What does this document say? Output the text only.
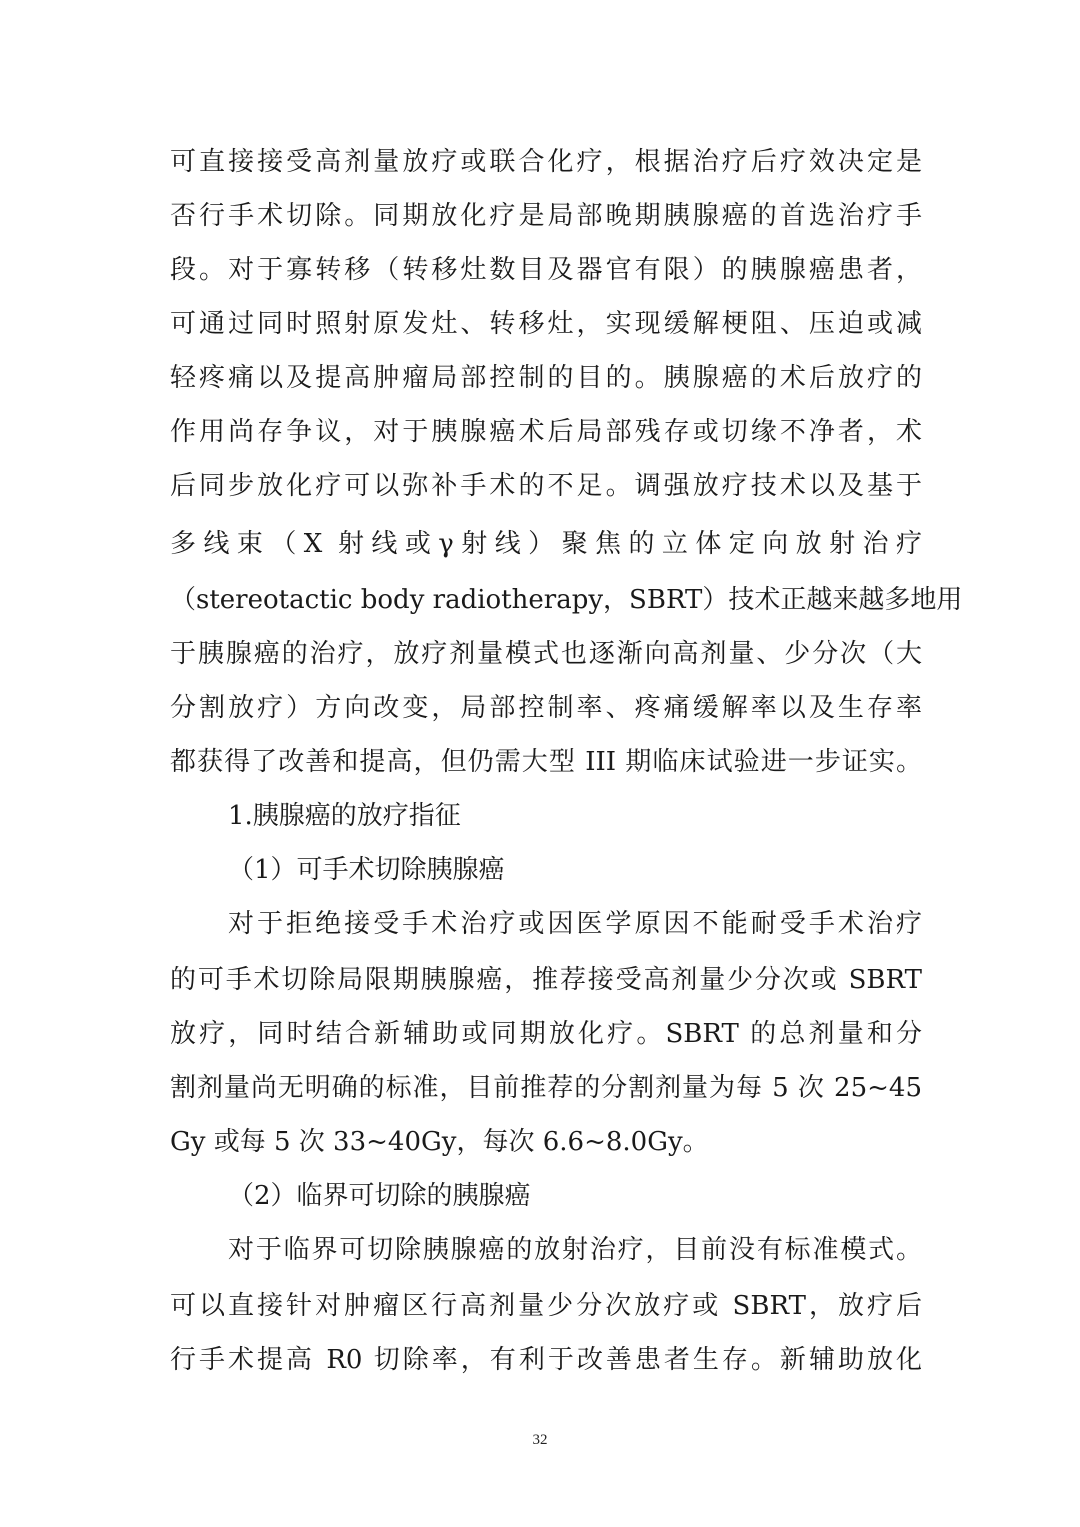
可直接接受高剂量放疗或联合化疗，根据治疗后疗效决定是
否行手术切除。同期放化疗是局部晚期胰腺癌的首选治疗手
段。对于寡转移（转移灶数目及器官有限）的胰腺癌患者，
可通过同时照射原发灶、转移灶，实现缓解梗阻、压迫或减
轻疼痛以及提高肿瘤局部控制的目的。胰腺癌的术后放疗的
作用尚存争议，对于胰腺癌术后局部残存或切缘不净者，术
后同步放化疗可以弥补手术的不足。调强放疗技术以及基于
多线束（X 射线或γ射线）聚焦的立体定向放射治疗
（stereotactic body radiotherapy，SBRT）技术正越来越多地用
于胰腺癌的治疗，放疗剂量模式也逐渐向高剂量、少分次（大
分割放疗）方向改变，局部控制率、疼痛缓解率以及生存率
都获得了改善和提高，但仍需大型 III 期临床试验进一步证实。
1.胰腺癌的放疗指征
（1）可手术切除胰腺癌
对于拒绝接受手术治疗或因医学原因不能耐受手术治疗
的可手术切除局限期胰腺癌，推荐接受高剂量少分次或 SBRT
放疗，同时结合新辅助或同期放化疗。SBRT 的总剂量和分
割剂量尚无明确的标准，目前推荐的分割剂量为每 5 次 25~45
Gy 或每 5 次 33~40Gy，每次 6.6~8.0Gy。
（2）临界可切除的胰腺癌
对于临界可切除胰腺癌的放射治疗，目前没有标准模式。
可以直接针对肿瘤区行高剂量少分次放疗或 SBRT，放疗后
行手术提高 R0 切除率，有利于改善患者生存。新辅助放化
32
